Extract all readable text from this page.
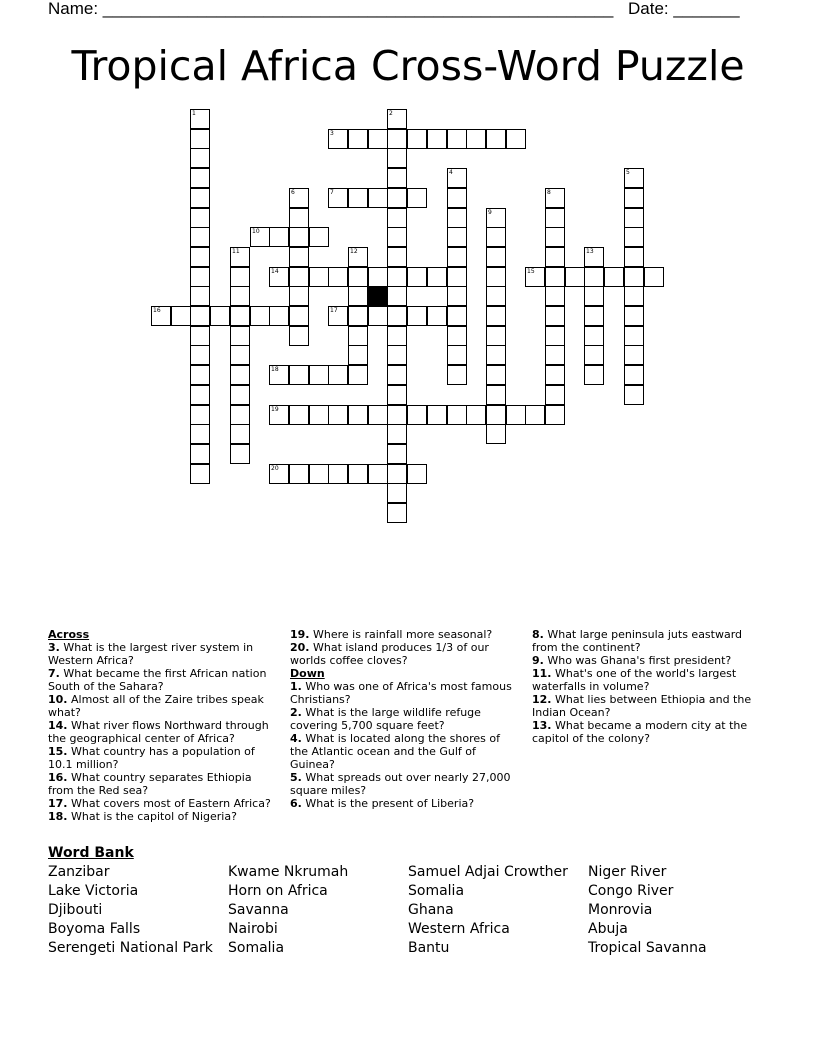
Name: ______________________________________________________ Date: _______
Tropical Africa Cross-Word Puzzle
3
7
10
14	15
16	17
18
19
20
1	2
4	5
6	8
9
11	12	13
Across
3. What is the largest river system in Western Africa?
7. What became the first African nation South of the Sahara?
10. Almost all of the Zaire tribes speak what?
14. What river flows Northward through the geographical center of Africa?
15. What country has a population of 10.1 million?
16. What country separates Ethiopia from the Red sea?
17. What covers most of Eastern Africa?
18. What is the capitol of Nigeria?
19. Where is rainfall more seasonal?
20. What island produces 1/3 of our worlds coffee cloves?
Down
1. Who was one of Africa's most famous Christians?
2. What is the large wildlife refuge covering 5,700 square feet?
4. What is located along the shores of the Atlantic ocean and the Gulf of Guinea?
5. What spreads out over nearly 27,000 square miles?
6. What is the present of Liberia?
8. What large peninsula juts eastward from the continent?
9. Who was Ghana's first president?
11. What's one of the world's largest waterfalls in volume?
12. What lies between Ethiopia and the Indian Ocean?
13. What became a modern city at the capitol of the colony?
Word Bank
Zanzibar
Lake Victoria
Djibouti
Boyoma Falls
Serengeti National Park
Kwame Nkrumah
Horn on Africa
Savanna
Nairobi
Somalia
Samuel Adjai Crowther
Somalia
Ghana
Western Africa
Bantu
Niger River
Congo River
Monrovia
Abuja
Tropical Savanna
